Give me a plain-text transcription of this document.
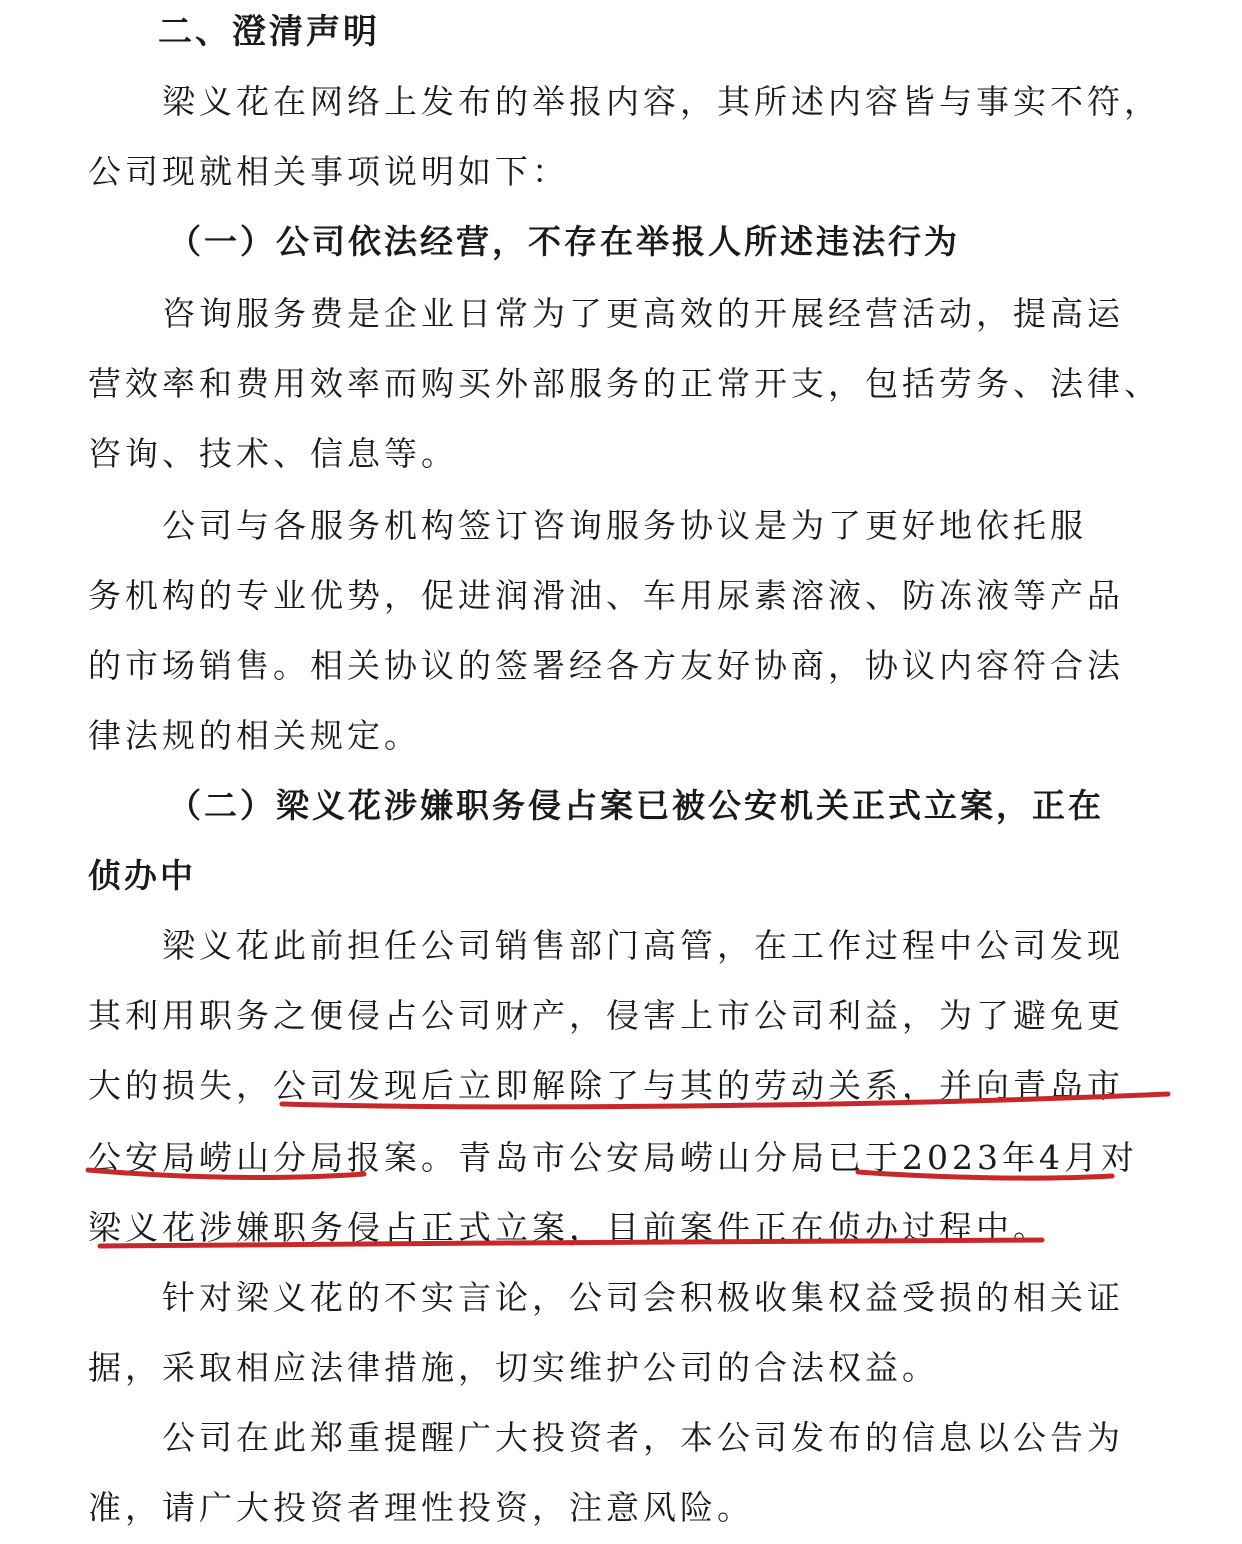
二、澄清声明
梁义花在网络上发布的举报内容，其所述内容皆与事实不符，
公司现就相关事项说明如下：
（一）公司依法经营，不存在举报人所述违法行为
咨询服务费是企业日常为了更高效的开展经营活动，提高运
营效率和费用效率而购买外部服务的正常开支，包括劳务、法律、
咨询、技术、信息等。
公司与各服务机构签订咨询服务协议是为了更好地依托服
务机构的专业优势，促进润滑油、车用尿素溶液、防冻液等产品
的市场销售。相关协议的签署经各方友好协商，协议内容符合法
律法规的相关规定。
（二）梁义花涉嫌职务侵占案已被公安机关正式立案，正在
侦办中
梁义花此前担任公司销售部门高管，在工作过程中公司发现
其利用职务之便侵占公司财产，侵害上市公司利益，为了避免更
大的损失，公司发现后立即解除了与其的劳动关系，并向青岛市
公安局崂山分局报案。青岛市公安局崂山分局已于2023年4月对
梁义花涉嫌职务侵占正式立案，目前案件正在侦办过程中。
针对梁义花的不实言论，公司会积极收集权益受损的相关证
据，采取相应法律措施，切实维护公司的合法权益。
公司在此郑重提醒广大投资者，本公司发布的信息以公告为
准，请广大投资者理性投资，注意风险。
